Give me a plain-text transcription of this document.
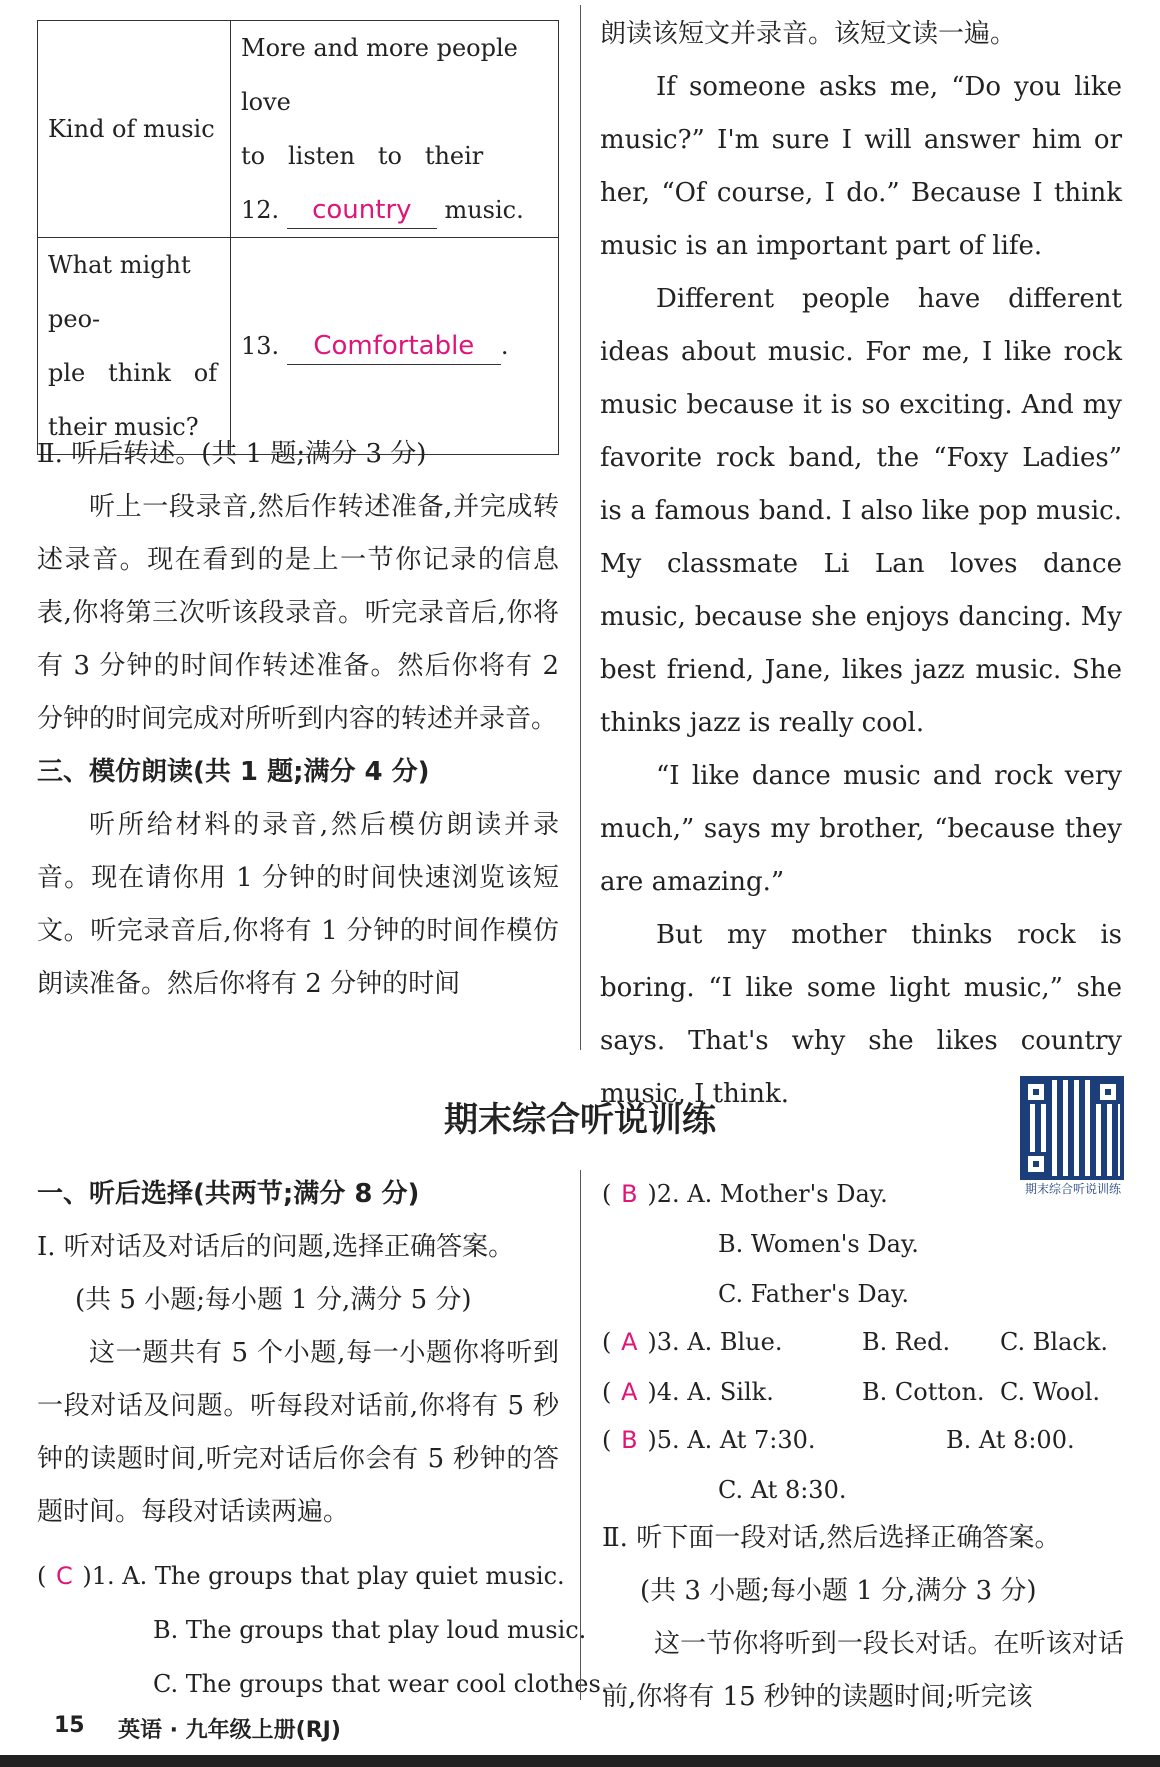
Kind of music	More and more people love
to   listen   to   their
12. country music.

What might peo-
ple   think   of
their music?	13. Comfortable .
Ⅱ. 听后转述。(共 1 题;满分 3 分)
听上一段录音,然后作转述准备,并完成转述录音。现在看到的是上一节你记录的信息表,你将第三次听该段录音。听完录音后,你将有 3 分钟的时间作转述准备。然后你将有 2 分钟的时间完成对所听到内容的转述并录音。
三、模仿朗读(共 1 题;满分 4 分)
听所给材料的录音,然后模仿朗读并录音。现在请你用 1 分钟的时间快速浏览该短文。听完录音后,你将有 1 分钟的时间作模仿朗读准备。然后你将有 2 分钟的时间
朗读该短文并录音。该短文读一遍。
If someone asks me, “Do you like music?” I'm sure I will answer him or her, “Of course, I do.” Because I think music is an important part of life.
Different people have different ideas about music. For me, I like rock music because it is so exciting. And my favorite rock band, the “Foxy Ladies” is a famous band. I also like pop music. My classmate Li Lan loves dance music, because she enjoys dancing. My best friend, Jane, likes jazz music. She thinks jazz is really cool.
“I like dance music and rock very much,” says my brother, “because they are amazing.”
But my mother thinks rock is boring. “I like some light music,” she says. That's why she likes country music, I think.
期末综合听说训练
期末综合听说训练
一、听后选择(共两节;满分 8 分)
Ⅰ. 听对话及对话后的问题,选择正确答案。
(共 5 小题;每小题 1 分,满分 5 分)
这一题共有 5 个小题,每一小题你将听到一段对话及问题。听每段对话前,你将有 5 秒钟的读题时间,听完对话后你会有 5 秒钟的答题时间。每段对话读两遍。
( C )1. A. The groups that play quiet music.
B. The groups that play loud music.
C. The groups that wear cool clothes.
( B )2. A. Mother's Day.
B. Women's Day.
C. Father's Day.
( A )3. A. Blue.	B. Red. C. Black.
( A )4. A. Silk.	B. Cotton. C. Wool.
( B )5. A. At 7:30.	B. At 8:00.
C. At 8:30.
Ⅱ. 听下面一段对话,然后选择正确答案。
(共 3 小题;每小题 1 分,满分 3 分)
这一节你将听到一段长对话。在听该对话前,你将有 15 秒钟的读题时间;听完该
15 英语 · 九年级上册(RJ)
